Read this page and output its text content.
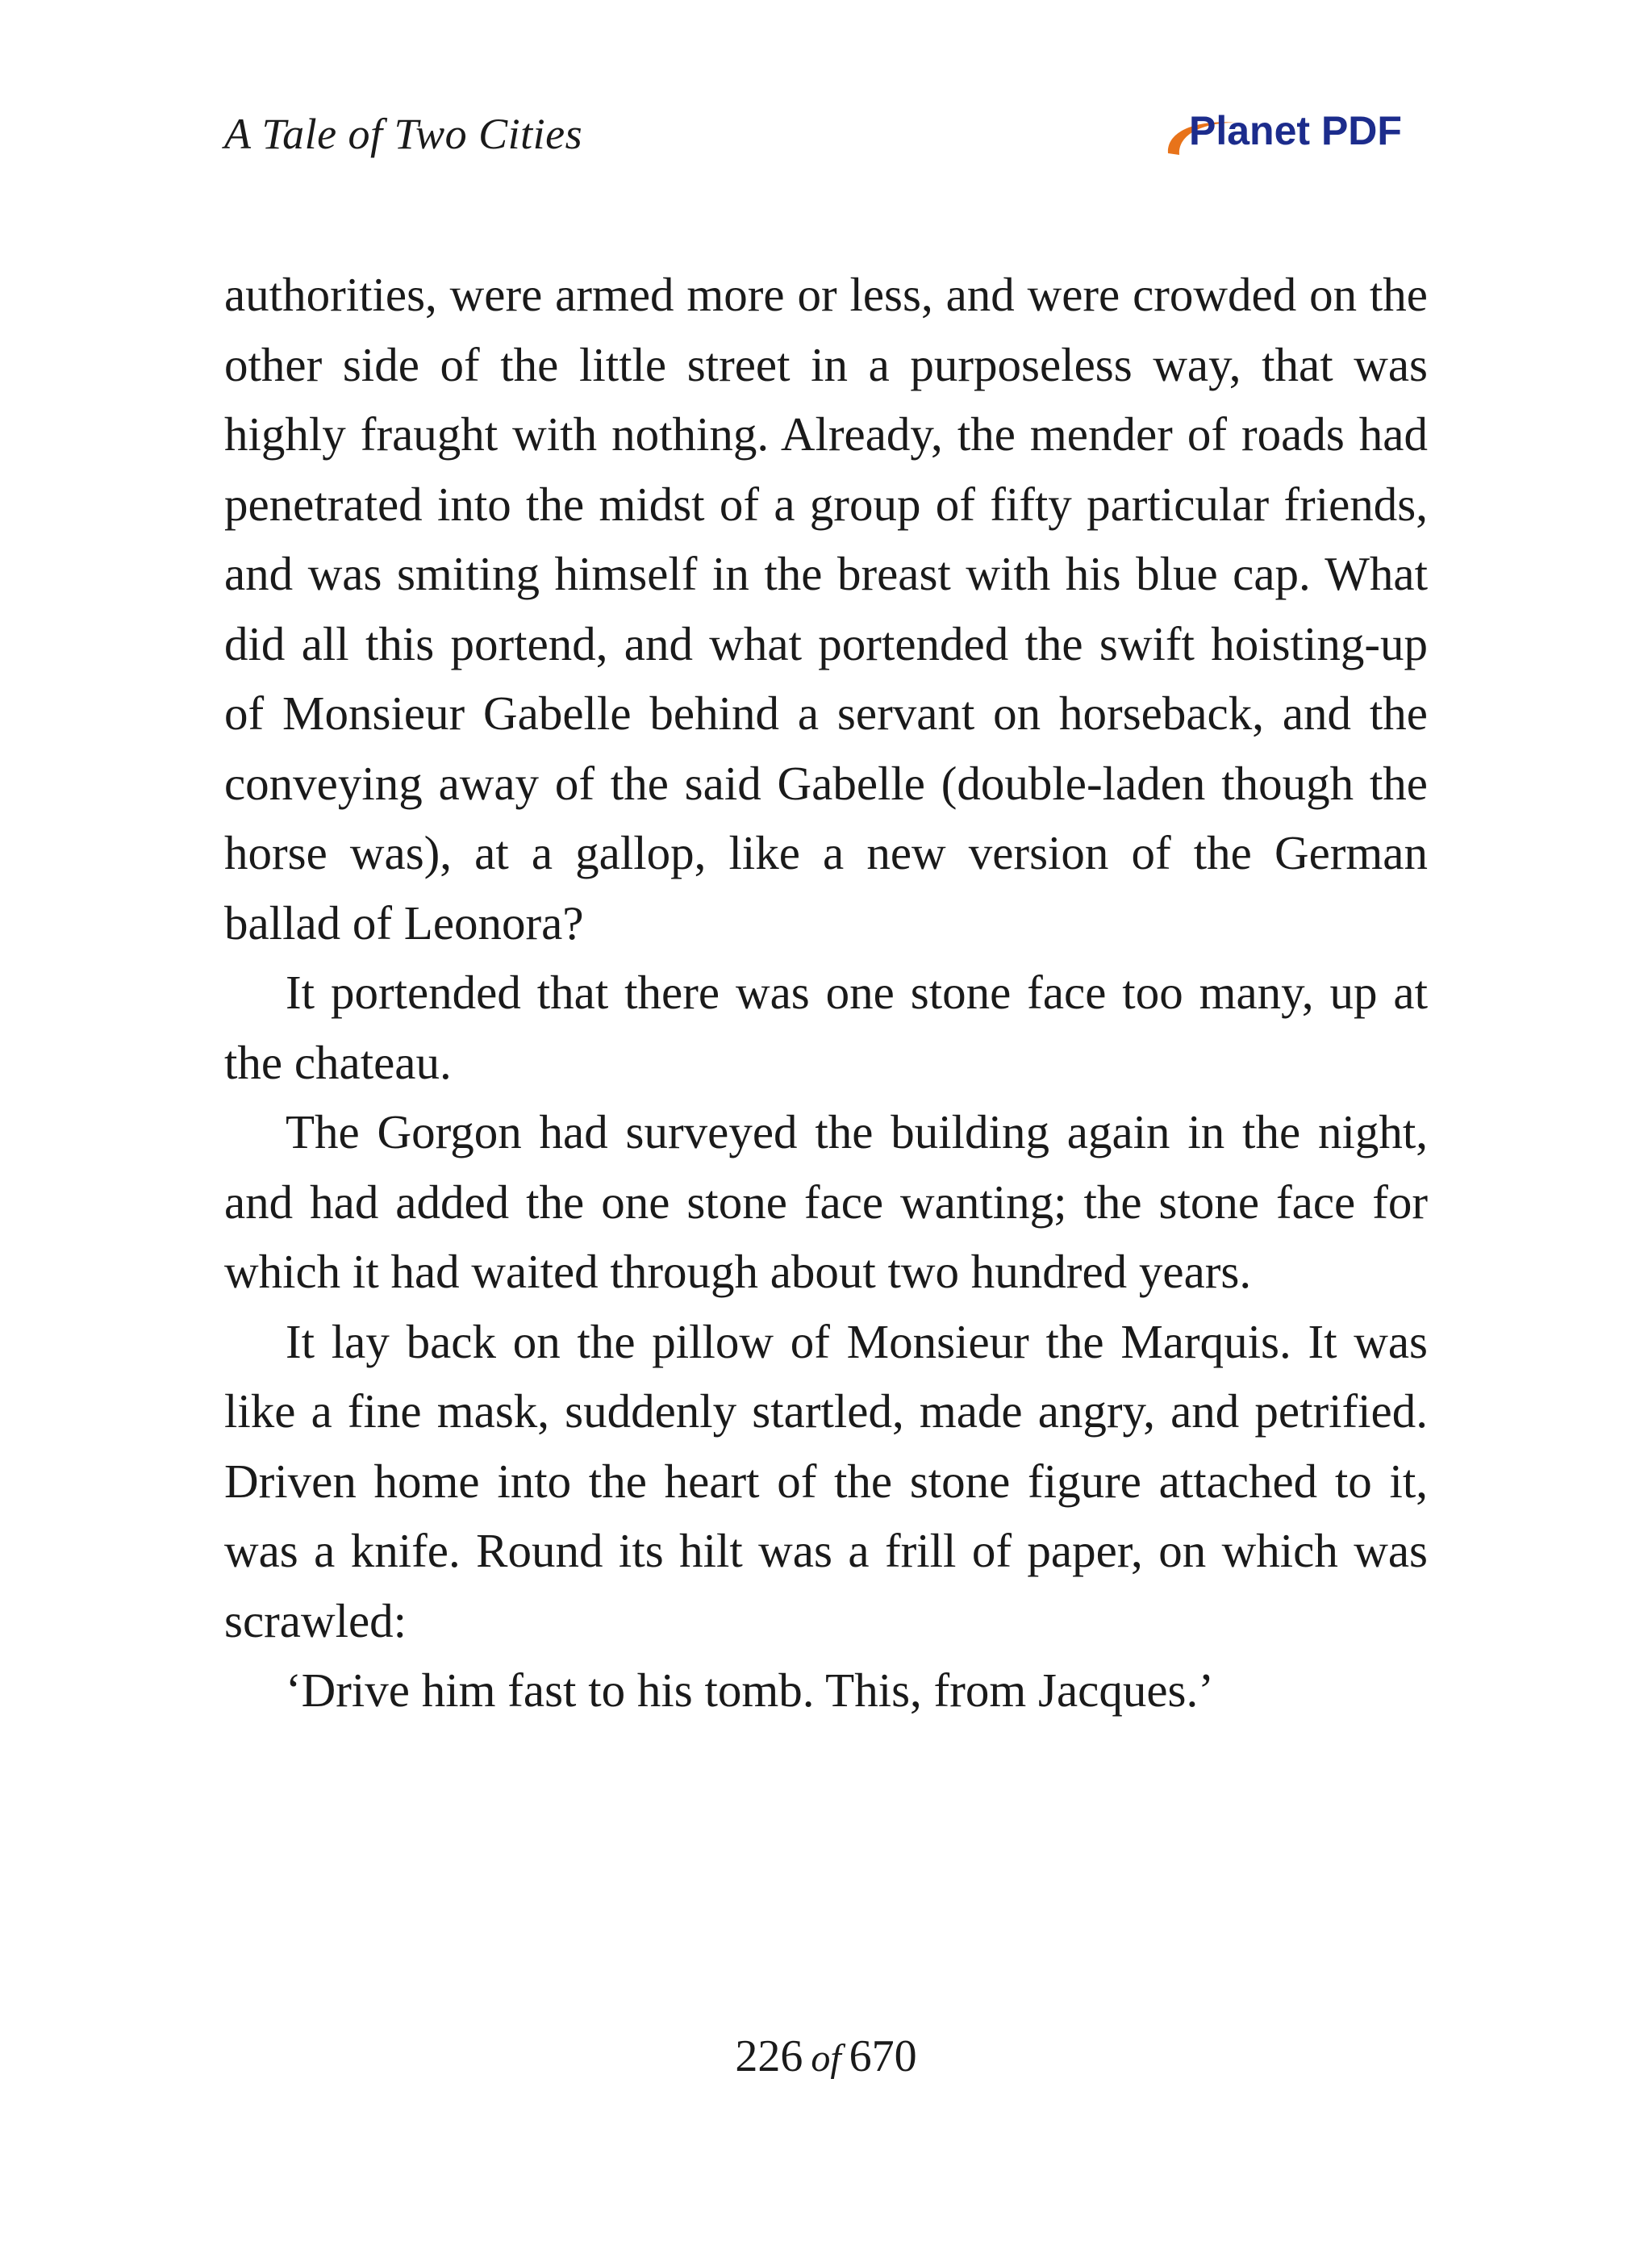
A Tale of Two Cities	Planet PDF

authorities, were armed more or less, and were crowded on the other side of the little street in a purposeless way, that was highly fraught with nothing. Already, the mender of roads had penetrated into the midst of a group of fifty particular friends, and was smiting himself in the breast with his blue cap. What did all this portend, and what portended the swift hoisting-up of Monsieur Gabelle behind a servant on horseback, and the conveying away of the said Gabelle (double-laden though the horse was), at a gallop, like a new version of the German ballad of Leonora?

It portended that there was one stone face too many, up at the chateau.

The Gorgon had surveyed the building again in the night, and had added the one stone face wanting; the stone face for which it had waited through about two hundred years.

It lay back on the pillow of Monsieur the Marquis. It was like a fine mask, suddenly startled, made angry, and petrified. Driven home into the heart of the stone figure attached to it, was a knife. Round its hilt was a frill of paper, on which was scrawled:

‘Drive him fast to his tomb. This, from Jacques.’

226 of 670
